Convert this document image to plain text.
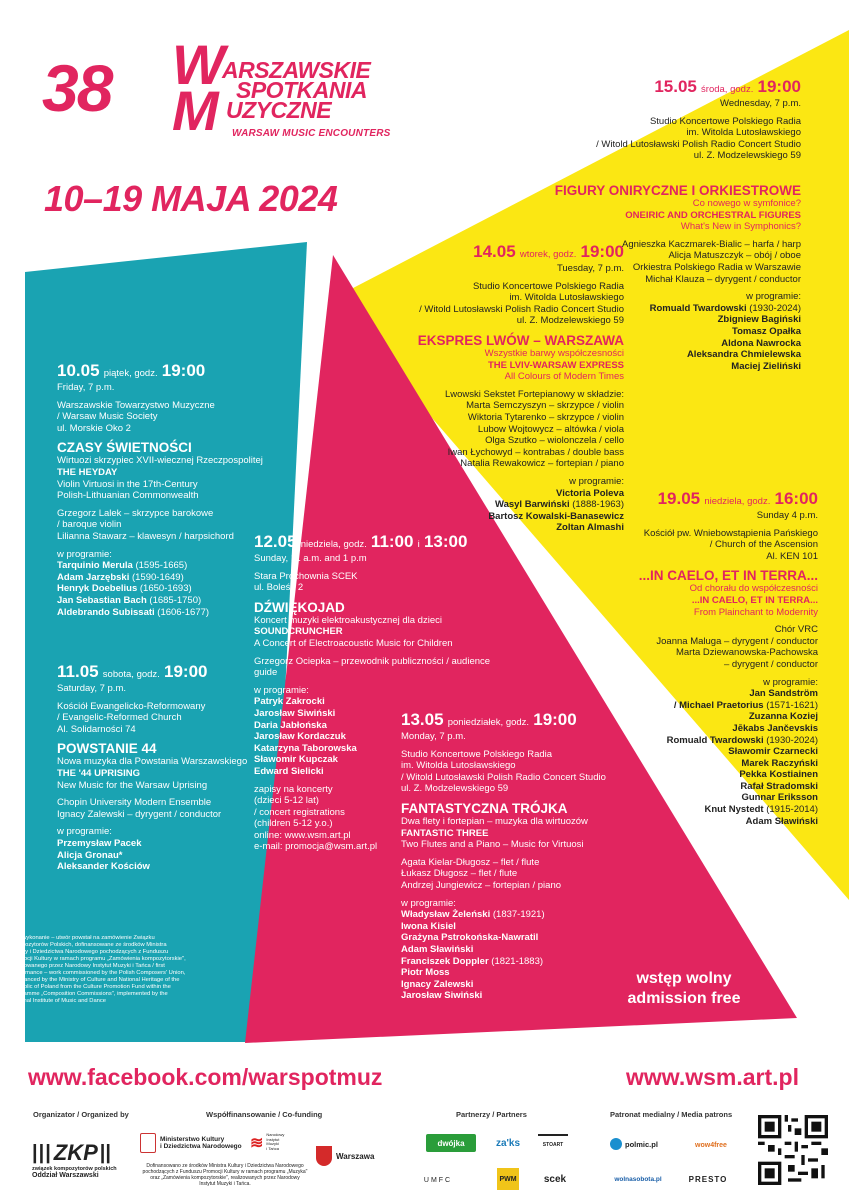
38 W
M
ARSZAWSKIE
SPOTKANIA
UZYCZNE
WARSAW MUSIC ENCOUNTERS
10–19 MAJA 2024

10.05 piątek, godz. 19:00

Friday, 7 p.m.

Warszawskie Towarzystwo Muzyczne

/ Warsaw Music Society

ul. Morskie Oko 2

CZASY ŚWIETNOŚCI

Wirtuozi skrzypiec XVII-wiecznej Rzeczpospolitej

THE HEYDAY

Violin Virtuosi in the 17th-Century

Polish-Lithuanian Commonwealth

Grzegorz Lalek – skrzypce barokowe

/ baroque violin

Lilianna Stawarz – klawesyn / harpsichord

w programie:

Tarquinio Merula (1595-1665)

Adam Jarzębski (1590-1649)

Henryk Doebelius (1650-1693)

Jan Sebastian Bach (1685-1750)

Aldebrando Subissati (1606-1677)

11.05 sobota, godz. 19:00

Saturday, 7 p.m.

Kościół Ewangelicko-Reformowany

/ Evangelic-Reformed Church

Al. Solidarności 74

POWSTANIE 44

Nowa muzyka dla Powstania Warszawskiego

THE '44 UPRISING

New Music for the Warsaw Uprising

Chopin University Modern Ensemble

Ignacy Zalewski – dyrygent / conductor

w programie:

Przemysław Pacek

Alicja Gronau*

Aleksander Kościów

* prawykonanie – utwór powstał na zamówienie Związku Kompozytorów Polskich, dofinansowane ze środków Ministra Kultury i Dziedzictwa Narodowego pochodzących z Funduszu Promocji Kultury w ramach programu „Zamówienia kompozytorskie", realizowanego przez Narodowy Instytut Muzyki i Tańca / first performance – work commissioned by the Polish Composers' Union, co-financed by the Ministry of Culture and National Heritage of the Republic of Poland from the Culture Promotion Fund within the programme „Composition Commissions", implemented by the National Institute of Music and Dance

12.05 niedziela, godz. 11:00 i 13:00

Sunday, 11 a.m. and 1 p.m

Stara Prochownia SCEK

ul. Boleść 2

DŹWIĘKOJAD

Koncert muzyki elektroakustycznej dla dzieci

SOUNDCRUNCHER

A Concert of Electroacoustic Music for Children

Grzegorz Ociepka – przewodnik publiczności / audience guide

w programie:

Patryk Zakrocki

Jarosław Siwiński

Daria Jabłońska

Jarosław Kordaczuk

Katarzyna Taborowska

Sławomir Kupczak

Edward Sielicki

zapisy na koncerty

(dzieci 5-12 lat)

/ concert registrations

(children 5-12 y.o.)

online: www.wsm.art.pl

e-mail: promocja@wsm.art.pl

13.05 poniedziałek, godz. 19:00

Monday, 7 p.m.

Studio Koncertowe Polskiego Radia

im. Witolda Lutosławskiego

/ Witold Lutosławski Polish Radio Concert Studio

ul. Z. Modzelewskiego 59

FANTASTYCZNA TRÓJKA

Dwa flety i fortepian – muzyka dla wirtuozów

FANTASTIC THREE

Two Flutes and a Piano – Music for Virtuosi

Agata Kielar-Długosz – flet / flute

Łukasz Długosz – flet / flute

Andrzej Jungiewicz – fortepian / piano

w programie:

Władysław Żeleński (1837-1921)

Iwona Kisiel

Grażyna Pstrokońska-Nawratil

Adam Sławiński

Franciszek Doppler (1821-1883)

Piotr Moss

Ignacy Zalewski

Jarosław Siwiński

14.05 wtorek, godz. 19:00

Tuesday, 7 p.m.

Studio Koncertowe Polskiego Radia

im. Witolda Lutosławskiego

/ Witold Lutosławski Polish Radio Concert Studio

ul. Z. Modzelewskiego 59

EKSPRES LWÓW – WARSZAWA

Wszystkie barwy współczesności

THE LVIV-WARSAW EXPRESS

All Colours of Modern Times

Lwowski Sekstet Fortepianowy w składzie:

Marta Semczyszyn – skrzypce / violin

Wiktoria Tytarenko – skrzypce / violin

Lubow Wojtowycz – altówka / viola

Olga Szutko – wiolonczela / cello

Iwan Łychowyd – kontrabas / double bass

Natalia Rewakowicz – fortepian / piano

w programie:

Victoria Poleva

Wasyl Barwiński (1888-1963)

Bartosz Kowalski-Banasewicz

Zoltan Almashi

15.05 środa, godz. 19:00

Wednesday, 7 p.m.

Studio Koncertowe Polskiego Radia

im. Witolda Lutosławskiego

/ Witold Lutosławski Polish Radio Concert Studio

ul. Z. Modzelewskiego 59

FIGURY ONIRYCZNE I ORKIESTROWE

Co nowego w symfonice?

ONEIRIC AND ORCHESTRAL FIGURES

What's New in Symphonics?

Agnieszka Kaczmarek-Bialic – harfa / harp

Alicja Matuszczyk – obój / oboe

Orkiestra Polskiego Radia w Warszawie

Michał Klauza – dyrygent / conductor

w programie:

Romuald Twardowski (1930-2024)

Zbigniew Bagiński

Tomasz Opałka

Aldona Nawrocka

Aleksandra Chmielewska

Maciej Zieliński

19.05 niedziela, godz. 16:00

Sunday 4 p.m.

Kościół pw. Wniebowstąpienia Pańskiego

/ Church of the Ascension

Al. KEN 101

...IN CAELO, ET IN TERRA...

Od chorału do współczesności

...IN CAELO, ET IN TERRA...

From Plainchant to Modernity

Chór VRC

Joanna Maluga – dyrygent / conductor

Marta Dziewanowska-Pachowska

– dyrygent / conductor

w programie:

Jan Sandström

/ Michael Praetorius (1571-1621)

Zuzanna Koziej

Jēkabs Jančevskis

Romuald Twardowski (1930-2024)

Sławomir Czarnecki

Marek Raczyński

Pekka Kostiainen

Rafał Stradomski

Gunnar Eriksson

Knut Nystedt (1915-2014)

Adam Sławiński

wstęp wolny
admission free
www.facebook.com/warspotmuz	www.wsm.art.pl
Organizator / Organized by
||| ZKP ||
związek kompozytorów polskich
Oddział Warszawski
Współfinansowanie / Co-funding
Ministerstwo Kultury
i Dziedzictwa Narodowego ≋
Narodowy
Instytut
Muzyki
i Tańca
Warszawa
Dofinansowano ze środków Ministra Kultury i Dziedzictwa Narodowego pochodzących z Funduszu Promocji Kultury w ramach programu „Muzyka" oraz „Zamówienia kompozytorskie", realizowanych przez Narodowy Instytut Muzyki i Tańca.
Partnerzy / Partners
dwójka	za'ks	STOART
UMFC	PWM	scek
Patronat medialny / Media patrons
polmic.pl	wow4free
wolnasobota.pl	PRESTO
